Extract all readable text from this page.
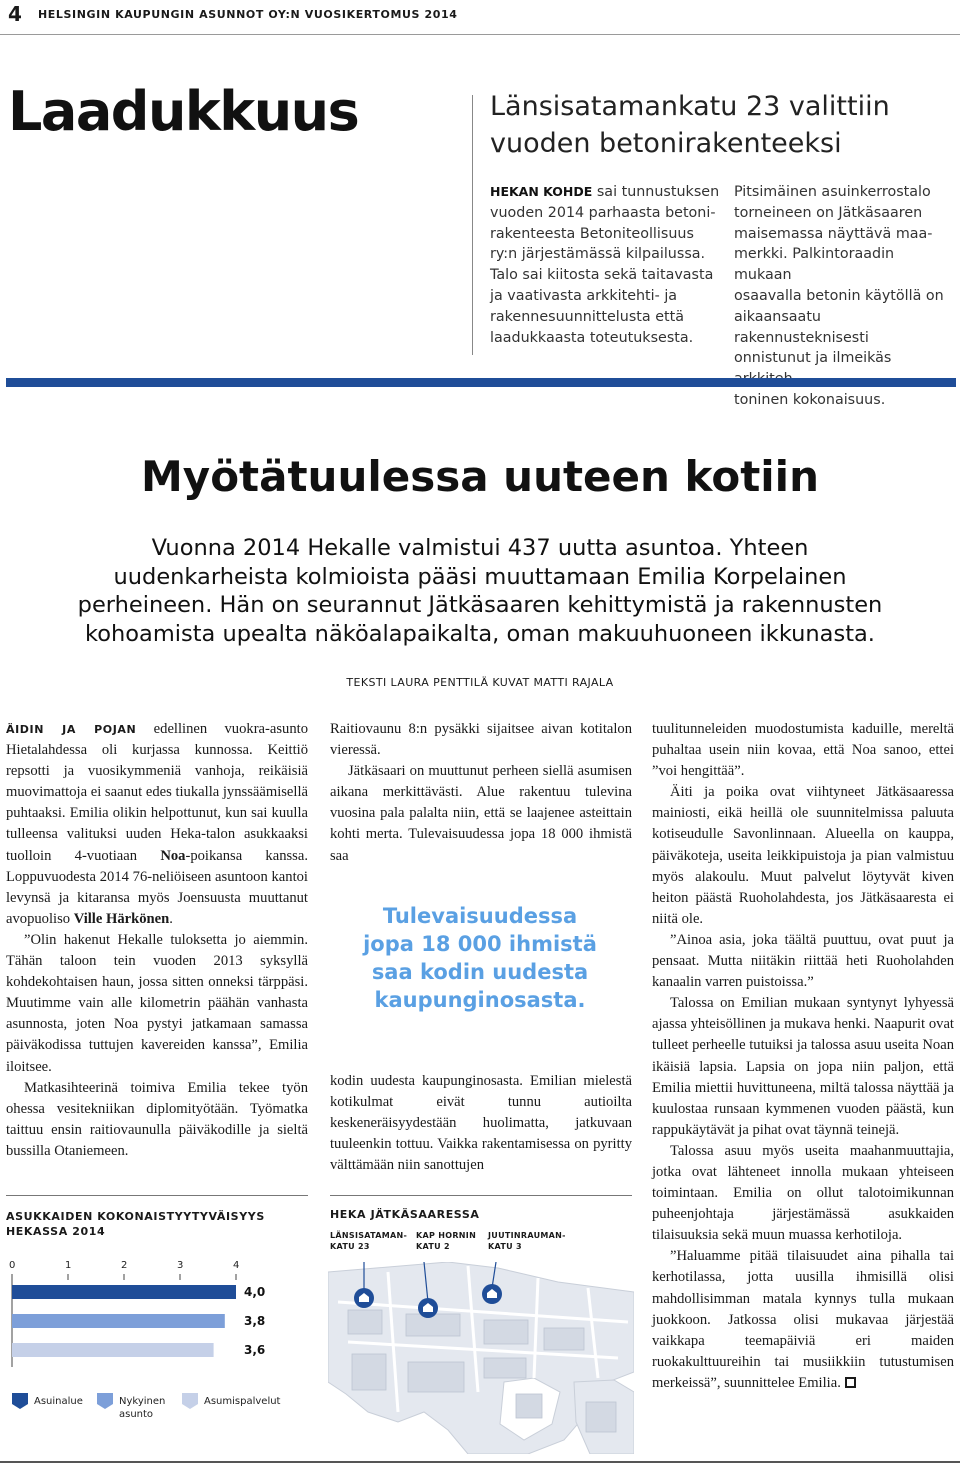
4 HELSINGIN KAUPUNGIN ASUNNOT OY:N VUOSIKERTOMUS 2014
Laadukkuus	Länsisatamankatu 23 valittiin
vuoden betonirakenteeksi
HEKAN KOHDE sai tunnustuksen
vuoden 2014 parhaasta betoni-
rakenteesta Betoniteollisuus
ry:n järjestämässä kilpailussa.
Talo sai kiitosta sekä taitavasta
ja vaativasta arkkitehti- ja
rakennesuunnittelusta että
laadukkaasta toteutuksesta.
Pitsimäinen asuinkerrostalo
torneineen on Jätkäsaaren
maisemassa näyttävä maa-
merkki. Palkintoraadin mukaan
osaavalla betonin käytöllä on
aikaansaatu rakennusteknisesti
onnistunut ja ilmeikäs
toninen kokonaisuus.
Myötätuulessa uuteen kotiin
Vuonna 2014 Hekalle valmistui 437 uutta asuntoa. Yhteen
uudenkarheista kolmioista pääsi muuttamaan Emilia Korpelainen
perheineen. Hän on seurannut Jätkäsaaren kehittymistä ja rakennusten
kohoamista upealta näköalapaikalta, oman makuuhuoneen ikkunasta.
TEKSTI LAURA PENTTILÄ KUVAT MATTI RAJALA

ÄIDIN JA POJAN edellinen vuokra-asunto Hietalahdessa oli kurjassa kunnossa. Keittiö repsotti ja vuosikymmeniä vanhoja, reikäisiä muovimattoja ei saanut edes tiukalla jynssäämisellä puhtaaksi. Emilia olikin helpottunut, kun sai kuulla tulleensa valituksi uuden Heka-talon asukkaaksi tuolloin 4-vuotiaan Noa-poikansa kanssa. Loppuvuodesta 2014 76-neliöiseen asuntoon kantoi levynsä ja kitaransa myös Joensuusta muuttanut avopuoliso Ville Härkönen.

”Olin hakenut Hekalle tuloksetta jo aiemmin. Tähän taloon tein vuoden 2013 syksyllä kohdekohtaisen haun, jossa sitten onneksi tärppäsi. Muutimme vain alle kilometrin päähän vanhasta asunnosta, joten Noa pystyi jatkamaan samassa päiväkodissa tuttujen kavereiden kanssa”, Emilia iloitsee.

Matkasihteerinä toimiva Emilia tekee työn ohessa vesitekniikan diplomityötään. Työmatka taittuu ensin raitiovaunulla päiväkodille ja sieltä bussilla Otaniemeen.

Raitiovaunu 8:n pysäkki sijaitsee aivan kotitalon vieressä.

Jätkäsaari on muuttunut perheen siellä asumisen aikana merkittävästi. Alue rakentuu tulevina vuosina pala palalta niin, että se laajenee asteittain kohti merta. Tulevaisuudessa jopa 18 000 ihmistä saa

Tulevaisuudessa
jopa 18 000 ihmistä
saa kodin uudesta
kaupunginosasta.

kodin uudesta kaupunginosasta. Emilian mielestä kotikulmat eivät tunnu autioilta keskeneräisyydestään huolimatta, jatkuvaan tuuleenkin tottuu. Vaikka rakentamisessa on pyritty välttämään niin sanottujen

tuulitunneleiden muodostumista kaduille, mereltä puhaltaa usein niin kovaa, että Noa sanoo, ettei ”voi hengittää”.

Äiti ja poika ovat viihtyneet Jätkäsaaressa mainiosti, eikä heillä ole suunnitelmissa paluuta kotiseudulle Savonlinnaan. Alueella on kauppa, päiväkoteja, useita leikkipuistoja ja pian valmistuu myös alakoulu. Muut palvelut löytyvät kiven heiton päästä Ruoholahdesta, jos Jätkäsaaresta ei niitä ole.

”Ainoa asia, joka täältä puuttuu, ovat puut ja pensaat. Mutta niitäkin riittää heti Ruoholahden kanaalin varren puistoissa.”

Talossa on Emilian mukaan syntynyt lyhyessä ajassa yhteisöllinen ja mukava henki. Naapurit ovat tulleet perheelle tutuiksi ja talossa asuu useita Noan ikäisiä lapsia. Lapsia on jopa niin paljon, että Emilia miettii huvittuneena, miltä talossa näyttää ja kuulostaa runsaan kymmenen vuoden päästä, kun rappukäytävät ja pihat ovat täynnä teinejä.

Talossa asuu myös useita maahanmuuttajia, jotka ovat lähteneet innolla mukaan yhteiseen toimintaan. Emilia on ollut talotoimikunnan puheenjohtaja järjestämässä asukkaiden tilaisuuksia sekä muun muassa kerhotiloja.

”Haluamme pitää tilaisuudet aina pihalla tai kerhotilassa, jotta uusilla ihmisillä olisi mahdollisimman matala kynnys tulla mukaan juokkoon. Jatkossa olisi mukavaa järjestää vaikkapa teemapäiviä eri maiden ruokakulttuureihin tai musiikkiin tutustumisen merkeissä”, suunnittelee Emilia.

ASUKKAIDEN KOKONAISTYYTYVÄISYYS
HEKASSA 2014
0	1	2	3	4
4,0
3,8
3,6
Asuinalue	Nykyinen
asunto
Asumispalvelut
HEKA JÄTKÄSAARESSA
LÄNSISATAMAN-
KATU 23
KAP HORNIN
KATU 2
JUUTINRAUMAN-
KATU 3
